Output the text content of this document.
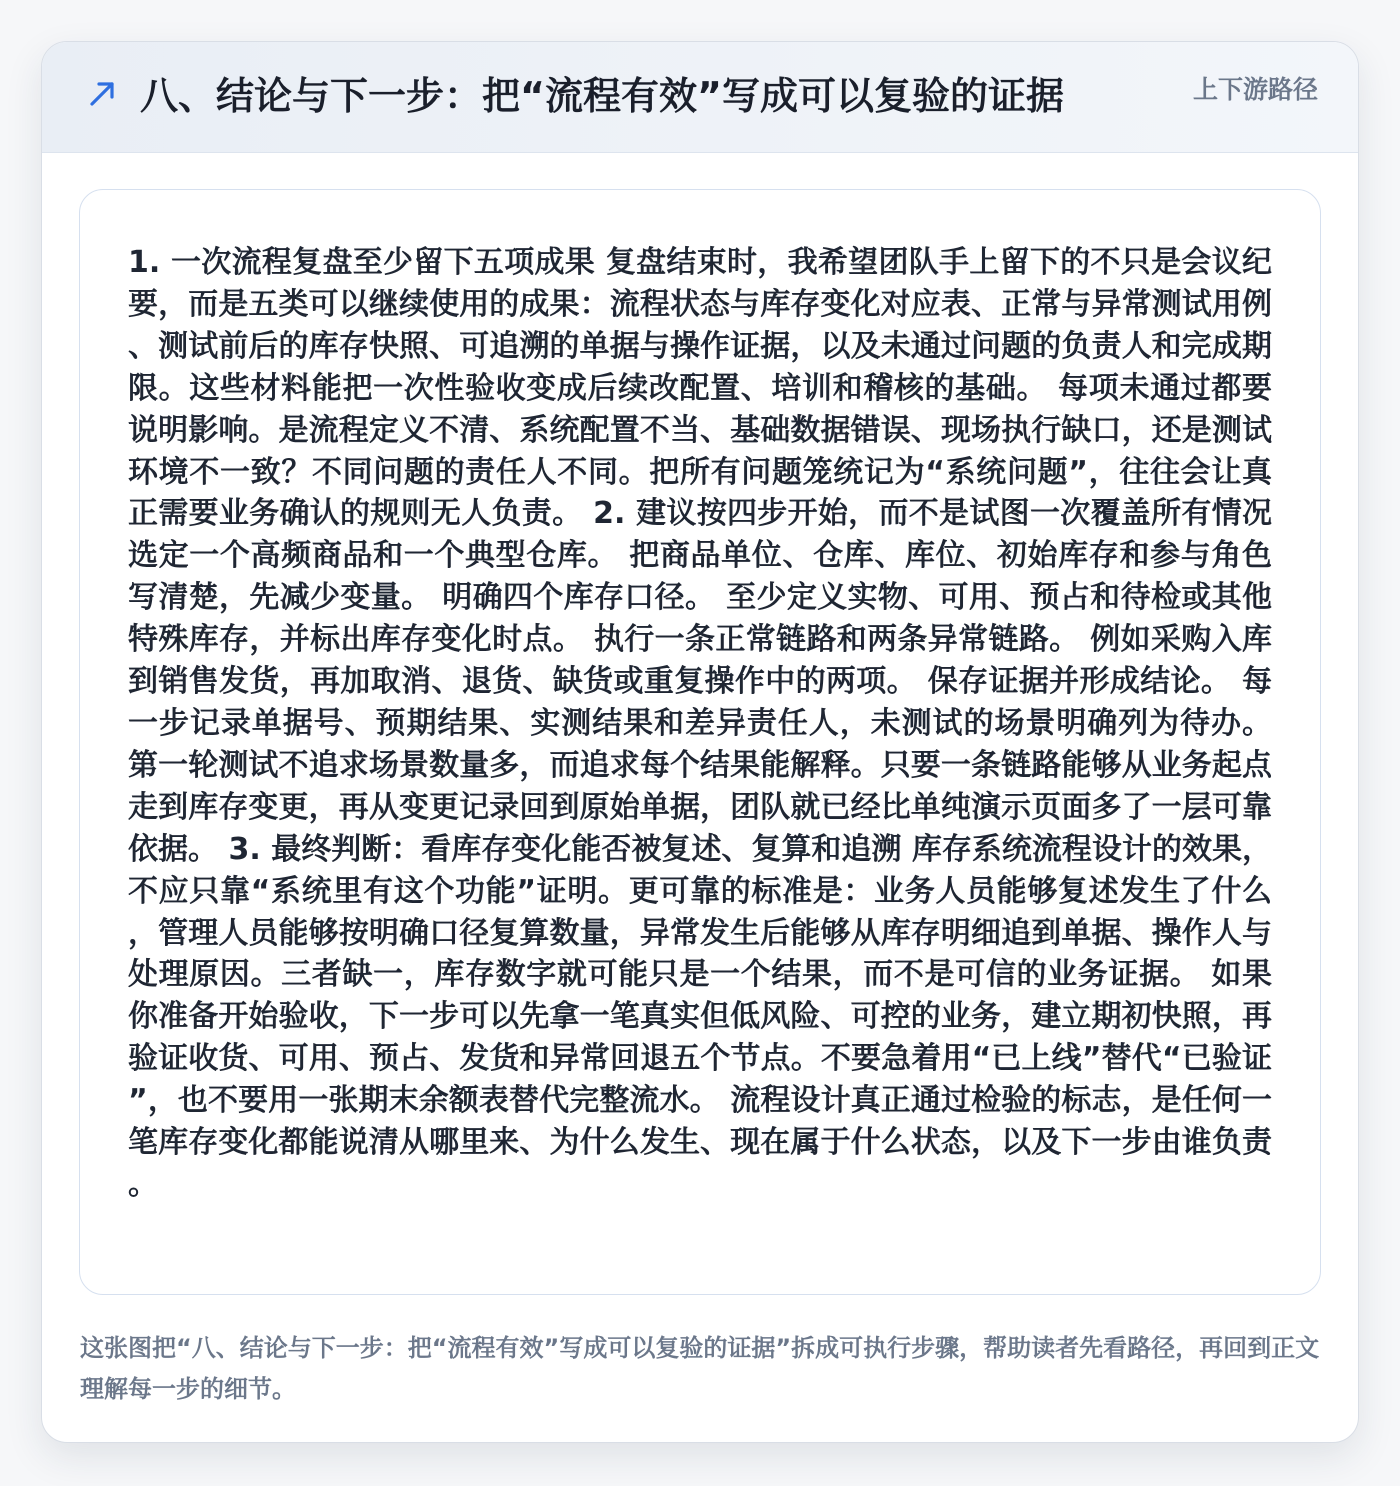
八、结论与下一步：把“流程有效”写成可以复验的证据	上下游路径

1. 一次流程复盘至少留下五项成果 复盘结束时，我希望团队手上留下的不只是会议纪要，而是五类可以继续使用的成果：流程状态与库存变化对应表、正常与异常测试用例、测试前后的库存快照、可追溯的单据与操作证据，以及未通过问题的负责人和完成期限。这些材料能把一次性验收变成后续改配置、培训和稽核的基础。 每项未通过都要说明影响。是流程定义不清、系统配置不当、基础数据错误、现场执行缺口，还是测试环境不一致？不同问题的责任人不同。把所有问题笼统记为“系统问题”，往往会让真正需要业务确认的规则无人负责。 2. 建议按四步开始，而不是试图一次覆盖所有情况 选定一个高频商品和一个典型仓库。 把商品单位、仓库、库位、初始库存和参与角色写清楚，先减少变量。 明确四个库存口径。 至少定义实物、可用、预占和待检或其他特殊库存，并标出库存变化时点。 执行一条正常链路和两条异常链路。 例如采购入库到销售发货，再加取消、退货、缺货或重复操作中的两项。 保存证据并形成结论。 每一步记录单据号、预期结果、实测结果和差异责任人，未测试的场景明确列为待办。 第一轮测试不追求场景数量多，而追求每个结果能解释。只要一条链路能够从业务起点走到库存变更，再从变更记录回到原始单据，团队就已经比单纯演示页面多了一层可靠依据。 3. 最终判断：看库存变化能否被复述、复算和追溯 库存系统流程设计的效果，不应只靠“系统里有这个功能”证明。更可靠的标准是：业务人员能够复述发生了什么，管理人员能够按明确口径复算数量，异常发生后能够从库存明细追到单据、操作人与处理原因。三者缺一，库存数字就可能只是一个结果，而不是可信的业务证据。 如果你准备开始验收，下一步可以先拿一笔真实但低风险、可控的业务，建立期初快照，再验证收货、可用、预占、发货和异常回退五个节点。不要急着用“已上线”替代“已验证”，也不要用一张期末余额表替代完整流水。 流程设计真正通过检验的标志，是任何一笔库存变化都能说清从哪里来、为什么发生、现在属于什么状态，以及下一步由谁负责。

这张图把“八、结论与下一步：把“流程有效”写成可以复验的证据”拆成可执行步骤，帮助读者先看路径，再回到正文理解每一步的细节。
